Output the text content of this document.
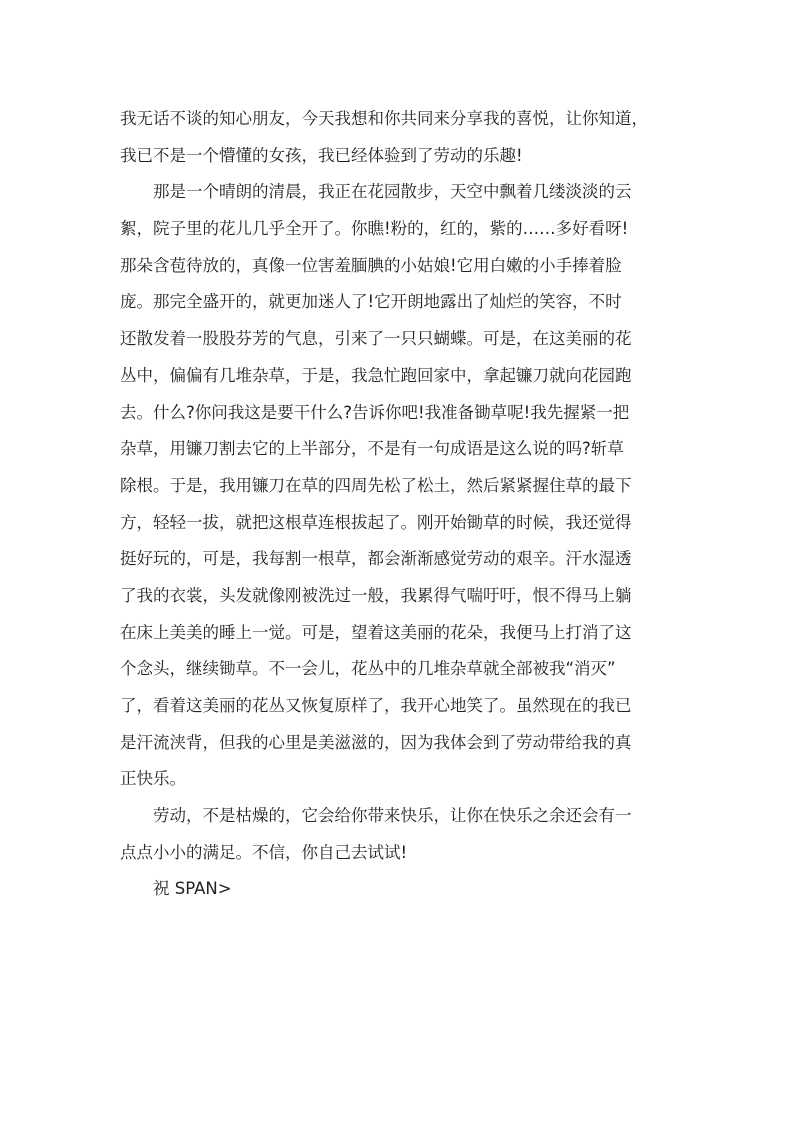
我无话不谈的知心朋友，今天我想和你共同来分享我的喜悦，让你知道，
我已不是一个懵懂的女孩，我已经体验到了劳动的乐趣!
那是一个晴朗的清晨，我正在花园散步，天空中飘着几缕淡淡的云
絮，院子里的花儿几乎全开了。你瞧!粉的，红的，紫的……多好看呀!
那朵含苞待放的，真像一位害羞腼腆的小姑娘!它用白嫩的小手捧着脸
庞。那完全盛开的，就更加迷人了!它开朗地露出了灿烂的笑容，不时
还散发着一股股芬芳的气息，引来了一只只蝴蝶。可是，在这美丽的花
丛中，偏偏有几堆杂草，于是，我急忙跑回家中，拿起镰刀就向花园跑
去。什么?你问我这是要干什么?告诉你吧!我准备锄草呢!我先握紧一把
杂草，用镰刀割去它的上半部分，不是有一句成语是这么说的吗?斩草
除根。于是，我用镰刀在草的四周先松了松土，然后紧紧握住草的最下
方，轻轻一拔，就把这根草连根拔起了。刚开始锄草的时候，我还觉得
挺好玩的，可是，我每割一根草，都会渐渐感觉劳动的艰辛。汗水湿透
了我的衣裳，头发就像刚被洗过一般，我累得气喘吁吁，恨不得马上躺
在床上美美的睡上一觉。可是，望着这美丽的花朵，我便马上打消了这
个念头，继续锄草。不一会儿，花丛中的几堆杂草就全部被我“消灭”
了，看着这美丽的花丛又恢复原样了，我开心地笑了。虽然现在的我已
是汗流浃背，但我的心里是美滋滋的，因为我体会到了劳动带给我的真
正快乐。
劳动，不是枯燥的，它会给你带来快乐，让你在快乐之余还会有一
点点小小的满足。不信，你自己去试试!
祝 SPAN>
